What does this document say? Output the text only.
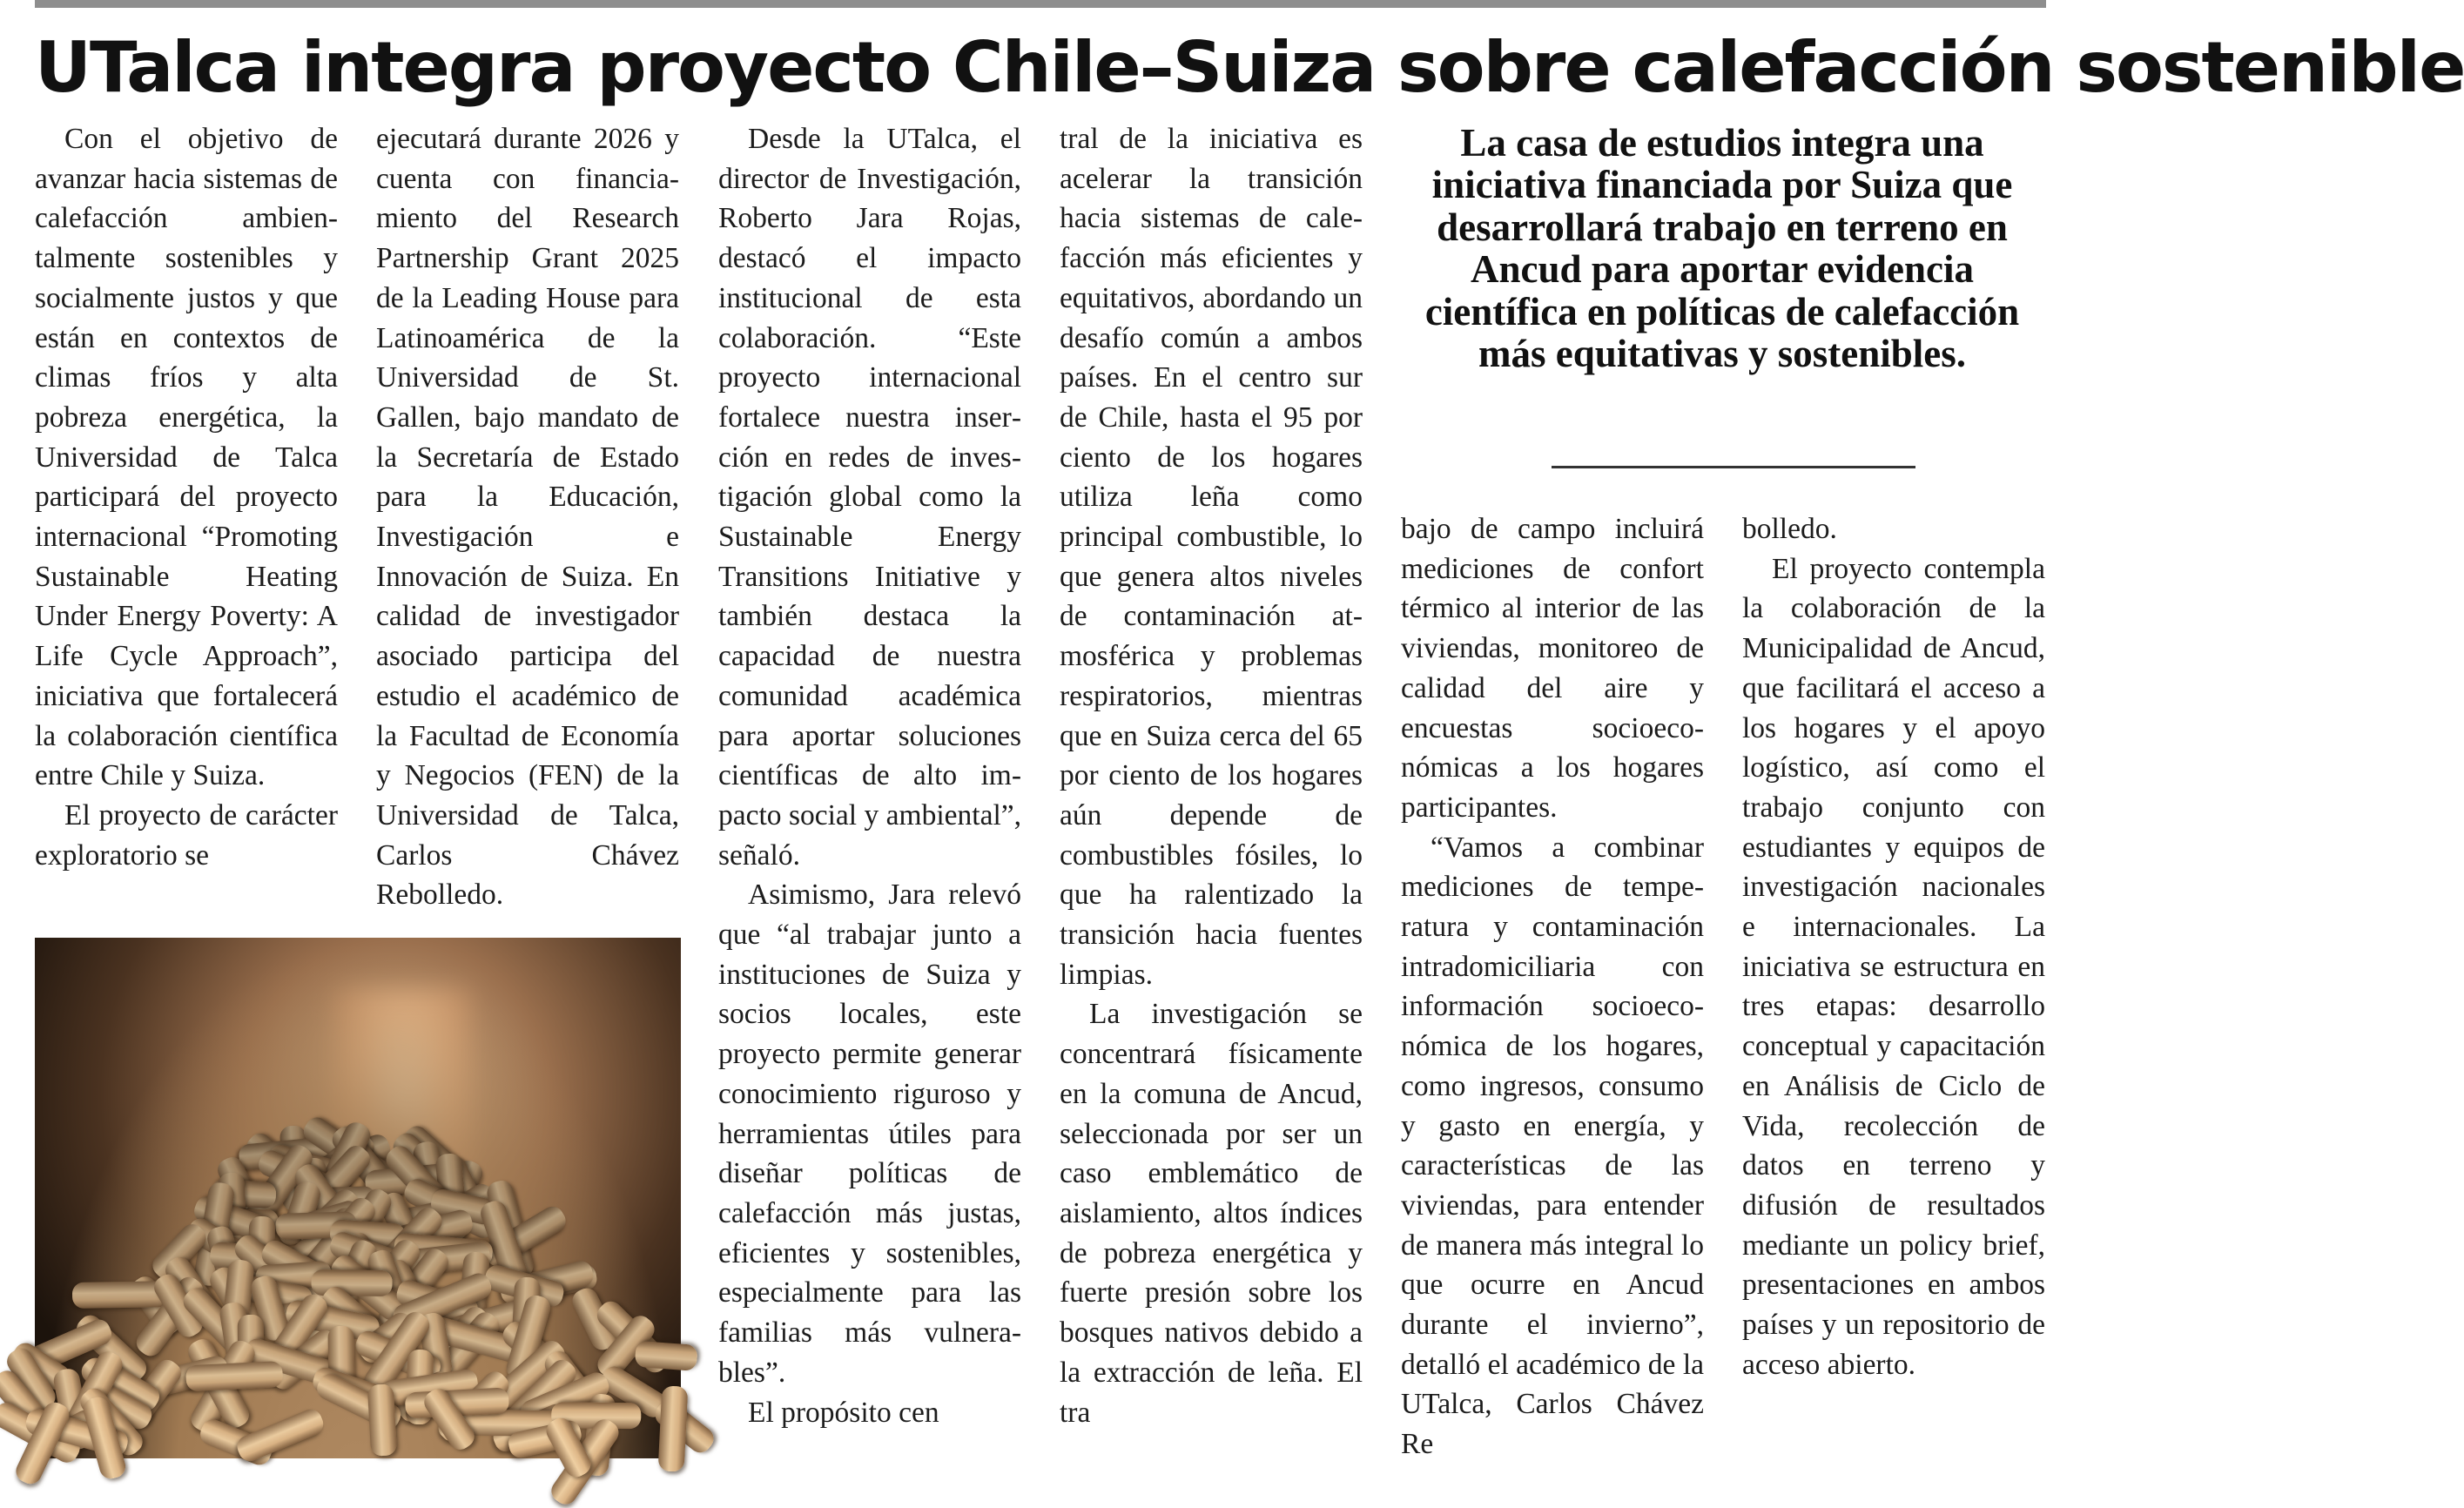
UTalca integra proyecto Chile–Suiza sobre calefacción sostenible
Con el objetivo de avanzar hacia sistemas de calefacción ambientalmente sostenibles y socialmente justos y que están en contextos de climas fríos y alta pobreza energética, la Universidad de Talca participará del proyecto internacional “Promoting Sustainable Heating Under Energy Poverty: A Life Cycle Approach”, iniciativa que fortalecerá la colaboración científica entre Chile y Suiza.
El proyecto de carácter exploratorio se
ejecutará durante 2026 y cuenta con financiamiento del Research Partnership Grant 2025 de la Leading House para Latinoamérica de la Universidad de St. Gallen, bajo mandato de la Secretaría de Estado para la Educación, Investigación e Innovación de Suiza. En calidad de investigador asociado participa del estudio el académico de la Facultad de Economía y Negocios (FEN) de la Universidad de Talca, Carlos Chávez Rebolledo.
Desde la UTalca, el director de Investigación, Roberto Jara Rojas, destacó el impacto institucional de esta colaboración. “Este proyecto internacional fortalece nuestra inserción en redes de investigación global como la Sustainable Energy Transitions Initiative y también destaca la capacidad de nuestra comunidad académica para aportar soluciones científicas de alto impacto social y ambiental”, señaló.
Asimismo, Jara relevó que “al trabajar junto a instituciones de Suiza y socios locales, este proyecto permite generar conocimiento riguroso y herramientas útiles para diseñar políticas de calefacción más justas, eficientes y sostenibles, especialmente para las familias más vulnerables”.
El propósito cen
tral de la iniciativa es acelerar la transición hacia sistemas de calefacción más eficientes y equitativos, abordando un desafío común a ambos países. En el centro sur de Chile, hasta el 95 por ciento de los hogares utiliza leña como principal combustible, lo que genera altos niveles de contaminación atmosférica y problemas respiratorios, mientras que en Suiza cerca del 65 por ciento de los hogares aún depende de combustibles fósiles, lo que ha ralentizado la transición hacia fuentes limpias.
La investigación se concentrará físicamente en la comuna de Ancud, seleccionada por ser un caso emblemático de aislamiento, altos índices de pobreza energética y fuerte presión sobre los bosques nativos debido a la extracción de leña. El tra
La casa de estudios integra una iniciativa financiada por Suiza que desarrollará trabajo en terreno en Ancud para aportar evidencia científica en políticas de calefacción más equitativas y sostenibles.
bajo de campo incluirá mediciones de confort térmico al interior de las viviendas, monitoreo de calidad del aire y encuestas socioeconómicas a los hogares participantes.
“Vamos a combinar mediciones de temperatura y contaminación intradomiciliaria con información socioeconómica de los hogares, como ingresos, consumo y gasto en energía, y características de las viviendas, para entender de manera más integral lo que ocurre en Ancud durante el invierno”, detalló el académico de la UTalca, Carlos Chávez Re
bolledo.
El proyecto contempla la colaboración de la Municipalidad de Ancud, que facilitará el acceso a los hogares y el apoyo logístico, así como el trabajo conjunto con estudiantes y equipos de investigación nacionales e internacionales. La iniciativa se estructura en tres etapas: desarrollo conceptual y capacitación en Análisis de Ciclo de Vida, recolección de datos en terreno y difusión de resultados mediante un policy brief, presentaciones en ambos países y un repositorio de acceso abierto.
